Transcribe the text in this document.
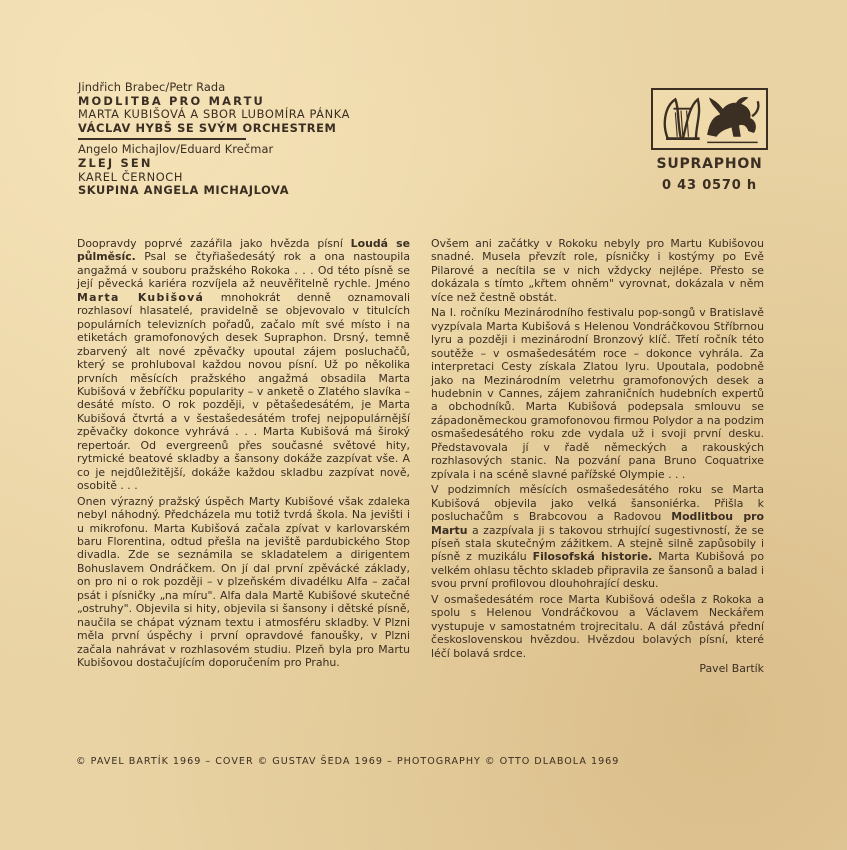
Jindřich Brabec/Petr Rada
MODLITBA PRO MARTU
MARTA KUBIŠOVÁ A SBOR LUBOMÍRA PÁNKA
VÁCLAV HYBŠ SE SVÝM ORCHESTREM
Angelo Michajlov/Eduard Krečmar
ZLEJ SEN
KAREL ČERNOCH
SKUPINA ANGELA MICHAJLOVA
SUPRAPHON
0 43 0570 h

Doopravdy poprvé zazářila jako hvězda písní Loudá se půlměsíc. Psal se čtyřiašedesátý rok a ona nastoupila angažmá v souboru pražského Rokoka . . . Od této písně se její pěvecká kariéra rozvíjela až neuvěřitelně rychle. Jméno Marta Kubišová mnohokrát denně oznamovali rozhlasoví hlasatelé, pravidelně se objevovalo v titulcích populárních televizních pořadů, začalo mít své místo i na etiketách gramofonových desek Supraphon. Drsný, temně zbarvený alt nové zpěvačky upoutal zájem posluchačů, který se prohluboval každou novou písní. Už po několika prvních měsících pražského angažmá obsadila Marta Kubišová v žebříčku popularity – v anketě o Zlatého slavíka – desáté místo. O rok později, v pětašedesátém, je Marta Kubišová čtvrtá a v šestašedesátém trofej nejpopulárnější zpěvačky dokonce vyhrává . . . Marta Kubišová má široký repertoár. Od evergreenů přes současné světové hity, rytmické beatové skladby a šansony dokáže zazpívat vše. A co je nejdůležitější, dokáže každou skladbu zazpívat nově, osobitě . . .

Onen výrazný pražský úspěch Marty Kubišové však zdaleka nebyl náhodný. Předcházela mu totiž tvrdá škola. Na jevišti i u mikrofonu. Marta Kubišová začala zpívat v karlovarském baru Florentina, odtud přešla na jeviště pardubického Stop divadla. Zde se seznámila se skladatelem a dirigentem Bohuslavem Ondráčkem. On jí dal první zpěvácké základy, on pro ni o rok později – v plzeňském divadélku Alfa – začal psát i písničky „na míru". Alfa dala Martě Kubišové skutečné „ostruhy". Objevila si hity, objevila si šansony i dětské písně, naučila se chápat význam textu i atmosféru skladby. V Plzni měla první úspěchy i první opravdové fanoušky, v Plzni začala nahrávat v rozhlasovém studiu. Plzeň byla pro Martu Kubišovou dostačujícím doporučením pro Prahu.

Ovšem ani začátky v Rokoku nebyly pro Martu Kubišovou snadné. Musela převzít role, písničky i kostýmy po Evě Pilarové a necítila se v nich vždycky nejlépe. Přesto se dokázala s tímto „křtem ohněm" vyrovnat, dokázala v něm více než čestně obstát.

Na I. ročníku Mezinárodního festivalu pop-songů v Bratislavě vyzpívala Marta Kubišová s Helenou Vondráčkovou Stříbrnou lyru a později i mezinárodní Bronzový klíč. Třetí ročník této soutěže – v osmašedesátém roce – dokonce vyhrála. Za interpretaci Cesty získala Zlatou lyru. Upoutala, podobně jako na Mezinárodním veletrhu gramofonových desek a hudebnin v Cannes, zájem zahraničních hudebních expertů a obchodníků. Marta Kubišová podepsala smlouvu se západoněmeckou gramofonovou firmou Polydor a na podzim osmašedesátého roku zde vydala už i svoji první desku. Představovala jí v řadě německých a rakouských rozhlasových stanic. Na pozvání pana Bruno Coquatrixe zpívala i na scéně slavné pařížské Olympie . . .

V podzimních měsících osmašedesátého roku se Marta Kubišová objevila jako velká šansoniérka. Přišla k posluchačům s Brabcovou a Radovou Modlitbou pro Martu a zazpívala ji s takovou strhující sugestivností, že se píseň stala skutečným zážitkem. A stejně silně zapůsobily i písně z muzikálu Filosofská historie. Marta Kubišová po velkém ohlasu těchto skladeb připravila ze šansonů a balad i svou první profilovou dlouhohrající desku.

V osmašedesátém roce Marta Kubišová odešla z Rokoka a spolu s Helenou Vondráčkovou a Václavem Neckářem vystupuje v samostatném trojrecitalu. A dál zůstává přední československou hvězdou. Hvězdou bolavých písní, které léčí bolavá srdce.

Pavel Bartík
© PAVEL BARTÍK 1969 – COVER © GUSTAV ŠEDA 1969 – PHOTOGRAPHY © OTTO DLABOLA 1969
